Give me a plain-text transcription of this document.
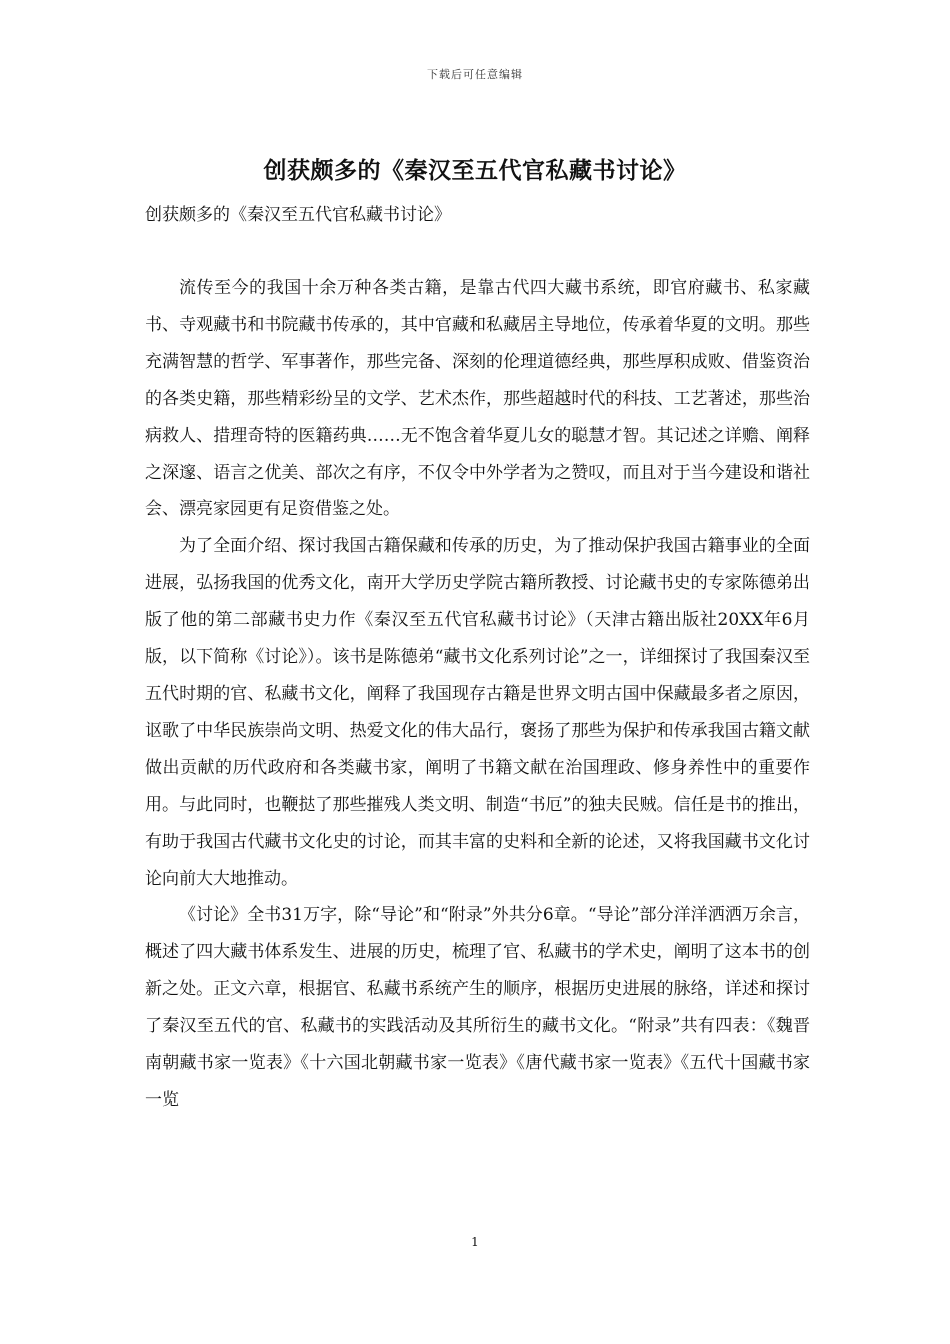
下载后可任意编辑
创获颇多的《秦汉至五代官私藏书讨论》
创获颇多的《秦汉至五代官私藏书讨论》

流传至今的我国十余万种各类古籍，是靠古代四大藏书系统，即官府藏书、私家藏书、寺观藏书和书院藏书传承的，其中官藏和私藏居主导地位，传承着华夏的文明。那些充满智慧的哲学、军事著作，那些完备、深刻的伦理道德经典，那些厚积成败、借鉴资治的各类史籍，那些精彩纷呈的文学、艺术杰作，那些超越时代的科技、工艺著述，那些治病救人、措理奇特的医籍药典……无不饱含着华夏儿女的聪慧才智。其记述之详赡、阐释之深邃、语言之优美、部次之有序，不仅令中外学者为之赞叹，而且对于当今建设和谐社会、漂亮家园更有足资借鉴之处。

为了全面介绍、探讨我国古籍保藏和传承的历史，为了推动保护我国古籍事业的全面进展，弘扬我国的优秀文化，南开大学历史学院古籍所教授、讨论藏书史的专家陈德弟出版了他的第二部藏书史力作《秦汉至五代官私藏书讨论》（天津古籍出版社20XX年6月版，以下简称《讨论》）。该书是陈德弟“藏书文化系列讨论”之一，详细探讨了我国秦汉至五代时期的官、私藏书文化，阐释了我国现存古籍是世界文明古国中保藏最多者之原因，讴歌了中华民族崇尚文明、热爱文化的伟大品行，褒扬了那些为保护和传承我国古籍文献做出贡献的历代政府和各类藏书家，阐明了书籍文献在治国理政、修身养性中的重要作用。与此同时，也鞭挞了那些摧残人类文明、制造“书厄”的独夫民贼。信任是书的推出，有助于我国古代藏书文化史的讨论，而其丰富的史料和全新的论述，又将我国藏书文化讨论向前大大地推动。

《讨论》全书31万字，除“导论”和“附录”外共分6章。“导论”部分洋洋洒洒万余言，概述了四大藏书体系发生、进展的历史，梳理了官、私藏书的学术史，阐明了这本书的创新之处。正文六章，根据官、私藏书系统产生的顺序，根据历史进展的脉络，详述和探讨了秦汉至五代的官、私藏书的实践活动及其所衍生的藏书文化。“附录”共有四表：《魏晋南朝藏书家一览表》《十六国北朝藏书家一览表》《唐代藏书家一览表》《五代十国藏书家一览

1
